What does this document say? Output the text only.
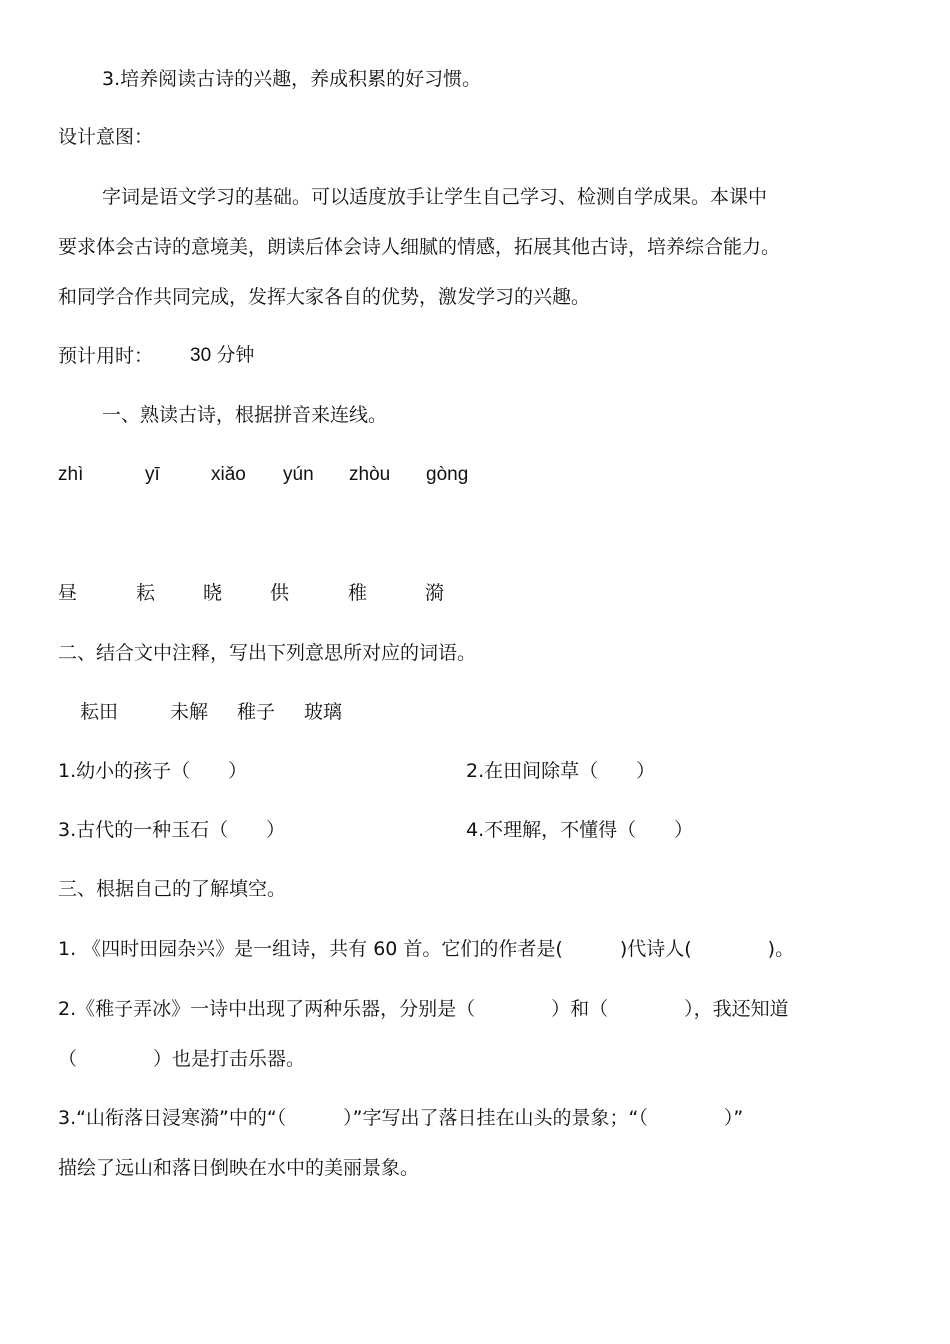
3.培养阅读古诗的兴趣，养成积累的好习惯。
设计意图：
字词是语文学习的基础。可以适度放手让学生自己学习、检测自学成果。本课中
要求体会古诗的意境美，朗读后体会诗人细腻的情感，拓展其他古诗，培养综合能力。
和同学合作共同完成，发挥大家各自的优势，激发学习的兴趣。
预计用时： 30 分钟
一、熟读古诗，根据拼音来连线。
zhì	yī	xiǎo yún zhòu gòng
昼	耘	晓	供	稚	漪
二、结合文中注释，写出下列意思所对应的词语。
耘田	未解 稚子 玻璃
1.幼小的孩子（　　）	2.在田间除草（　　）
3.古代的一种玉石（　　）	4.不理解，不懂得（　　）
三、根据自己的了解填空。
1. 《四时田园杂兴》是一组诗，共有 60 首。它们的作者是(　　　)代诗人(　　　　)。
2.《稚子弄冰》一诗中出现了两种乐器，分别是（　　　　）和（　　　　），我还知道
（　　　　）也是打击乐器。
3.“山衔落日浸寒漪”中的“（　　　）”字写出了落日挂在山头的景象；“（　　　　）”
描绘了远山和落日倒映在水中的美丽景象。
